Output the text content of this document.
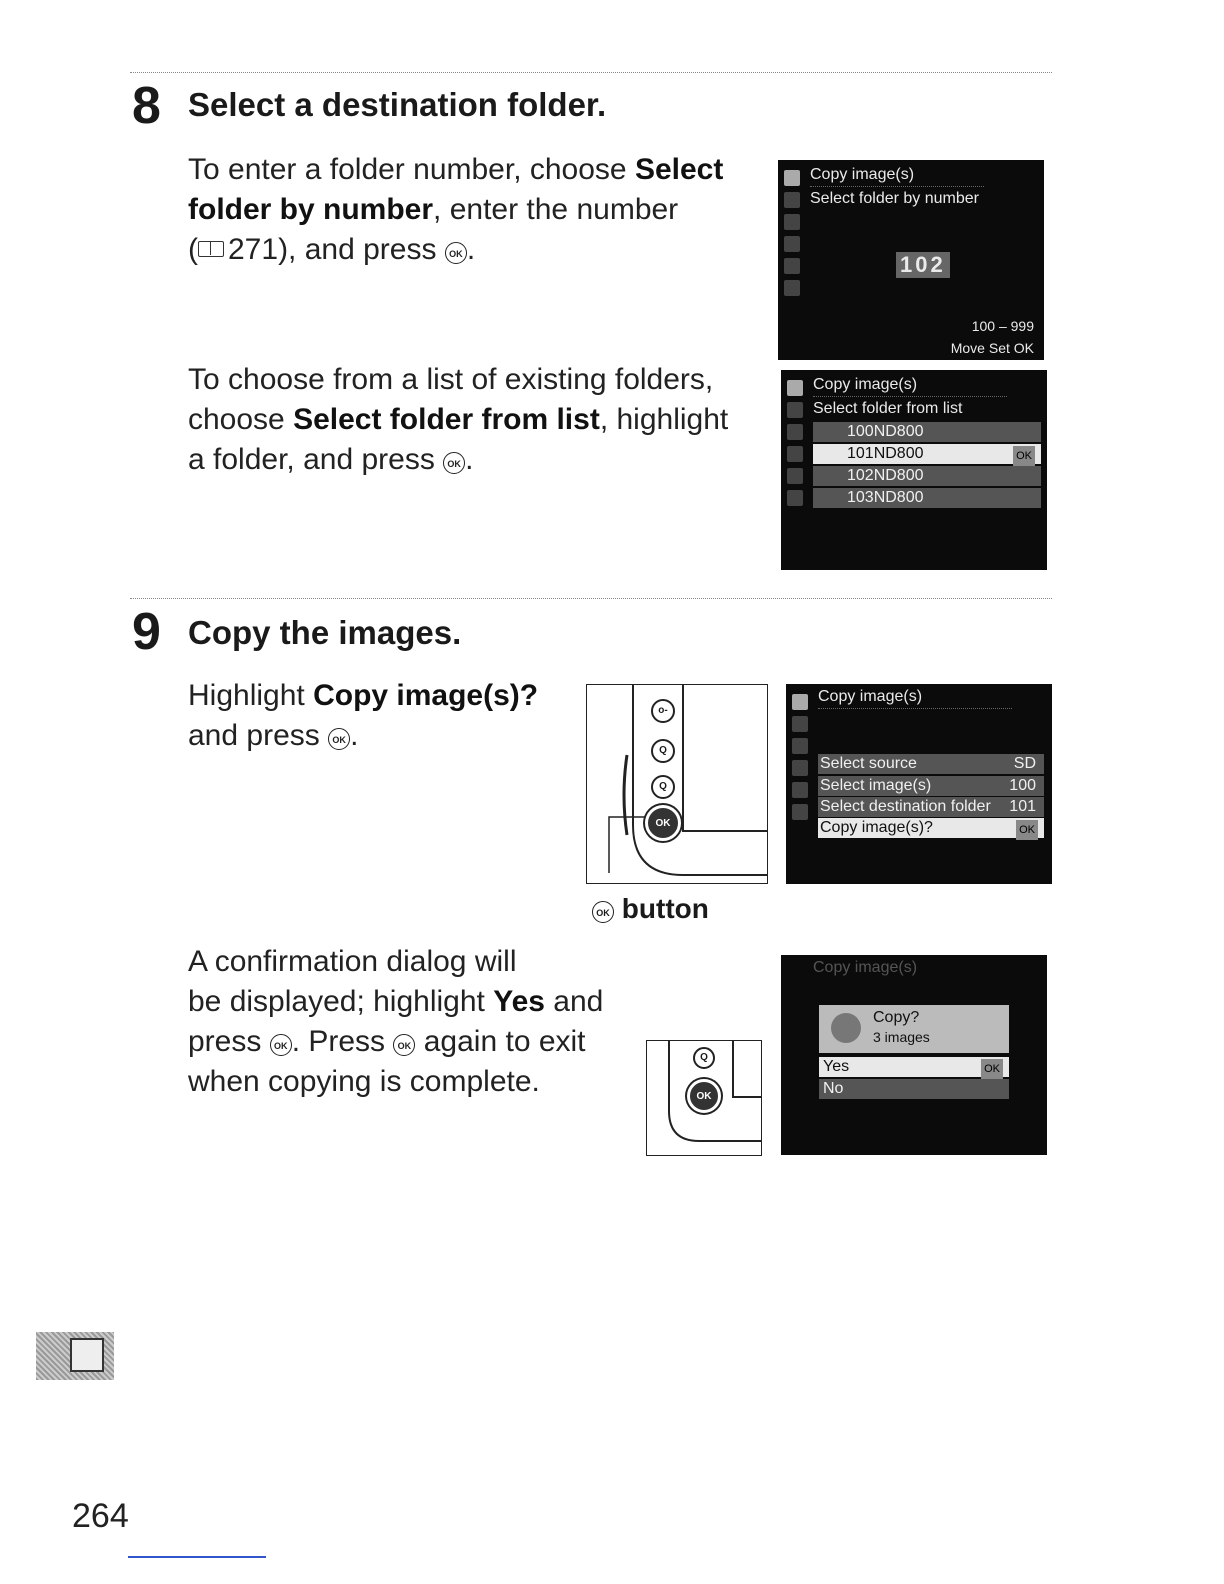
8 Select a destination folder.
To enter a folder number, choose Select
folder by number, enter the number
( 271), and press OK .
To choose from a list of existing folders,
choose Select folder from list, highlight
a folder, and press OK .
Copy image(s)
Select folder by number
102
100 – 999
Move Set OK
Copy image(s)
Select folder from list
100ND800
101ND800	OK
102ND800
103ND800
9 Copy the images.
Highlight Copy image(s)?
and press OK .
o-
Q
Q
OK
OK button
Copy image(s)
Select source	SD
Select image(s)	100
Select destination folder 101
Copy image(s)?	OK
A confirmation dialog will
be displayed; highlight Yes and
press OK . Press OK again to exit
when copying is complete.
Q
OK
Copy image(s)
Copy?
3 images
Yes	OK
No
264
